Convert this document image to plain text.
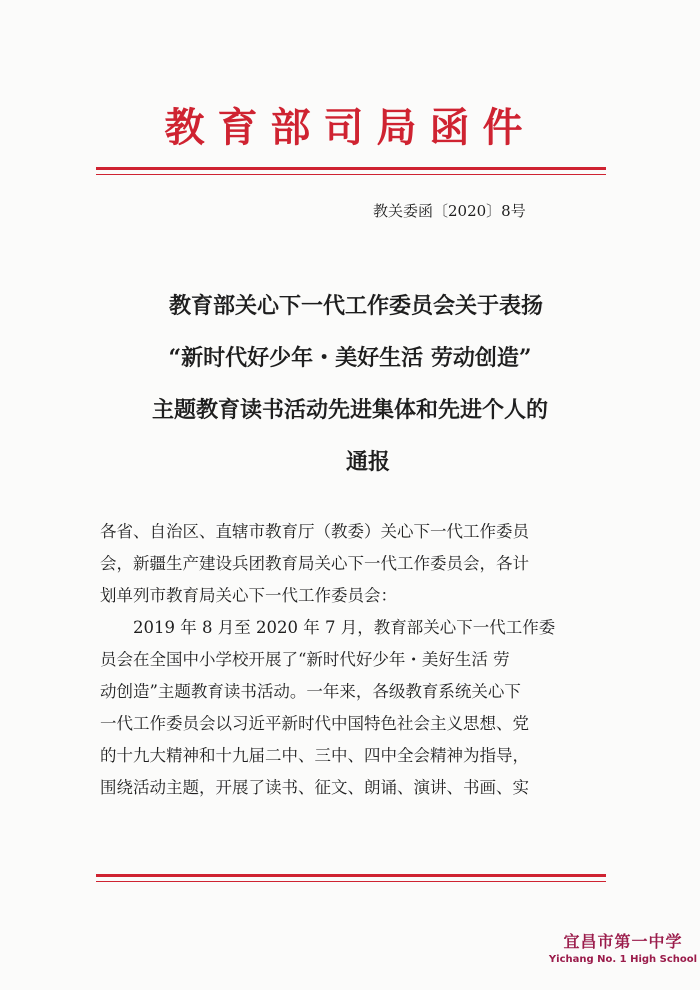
教育部司局函件
教关委函〔2020〕8号
教育部关心下一代工作委员会关于表扬
“新时代好少年・美好生活 劳动创造”
主题教育读书活动先进集体和先进个人的
通报
各省、自治区、直辖市教育厅（教委）关心下一代工作委员
会，新疆生产建设兵团教育局关心下一代工作委员会，各计
划单列市教育局关心下一代工作委员会：
2019 年 8 月至 2020 年 7 月，教育部关心下一代工作委
员会在全国中小学校开展了“新时代好少年・美好生活 劳
动创造”主题教育读书活动。一年来，各级教育系统关心下
一代工作委员会以习近平新时代中国特色社会主义思想、党
的十九大精神和十九届二中、三中、四中全会精神为指导，
围绕活动主题，开展了读书、征文、朗诵、演讲、书画、实
宜昌市第一中学
Yichang No. 1 High School
